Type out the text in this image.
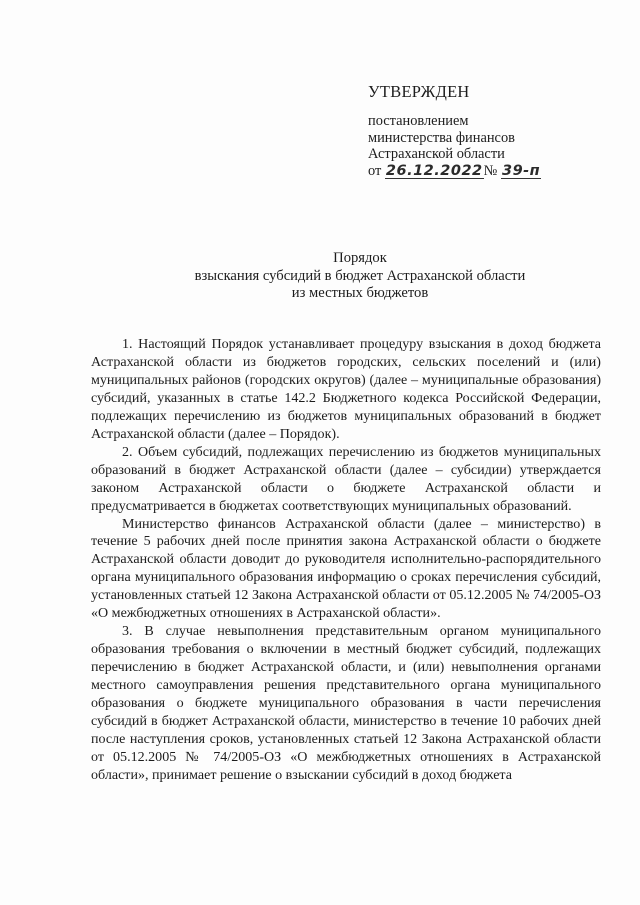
УТВЕРЖДЕН
постановлением
министерства финансов
Астраханской области
от 26.12.2022№ 39-п
Порядок
взыскания субсидий в бюджет Астраханской области
из местных бюджетов

1. Настоящий Порядок устанавливает процедуру взыскания в доход бюджета Астраханской области из бюджетов городских, сельских поселений и (или) муниципальных районов (городских округов) (далее – муниципальные образования) субсидий, указанных в статье 142.2 Бюджетного кодекса Российской Федерации, подлежащих перечислению из бюджетов муниципальных образований в бюджет Астраханской области (далее – Порядок).

2. Объем субсидий, подлежащих перечислению из бюджетов муниципальных образований в бюджет Астраханской области (далее – субсидии) утверждается законом Астраханской области о бюджете Астраханской области и предусматривается в бюджетах соответствующих муниципальных образований.

Министерство финансов Астраханской области (далее – министерство) в течение 5 рабочих дней после принятия закона Астраханской области о бюджете Астраханской области доводит до руководителя исполнительно-распорядительного органа муниципального образования информацию о сроках перечисления субсидий, установленных статьей 12 Закона Астраханской области от 05.12.2005 № 74/2005-ОЗ «О межбюджетных отношениях в Астраханской области».

3. В случае невыполнения представительным органом муниципального образования требования о включении в местный бюджет субсидий, подлежащих перечислению в бюджет Астраханской области, и (или) невыполнения органами местного самоуправления решения представительного органа муниципального образования о бюджете муниципального образования в части перечисления субсидий в бюджет Астраханской области, министерство в течение 10 рабочих дней после наступления сроков, установленных статьей 12 Закона Астраханской области от 05.12.2005 № 74/2005-ОЗ «О межбюджетных отношениях в Астраханской области», принимает решение о взыскании субсидий в доход бюджета
